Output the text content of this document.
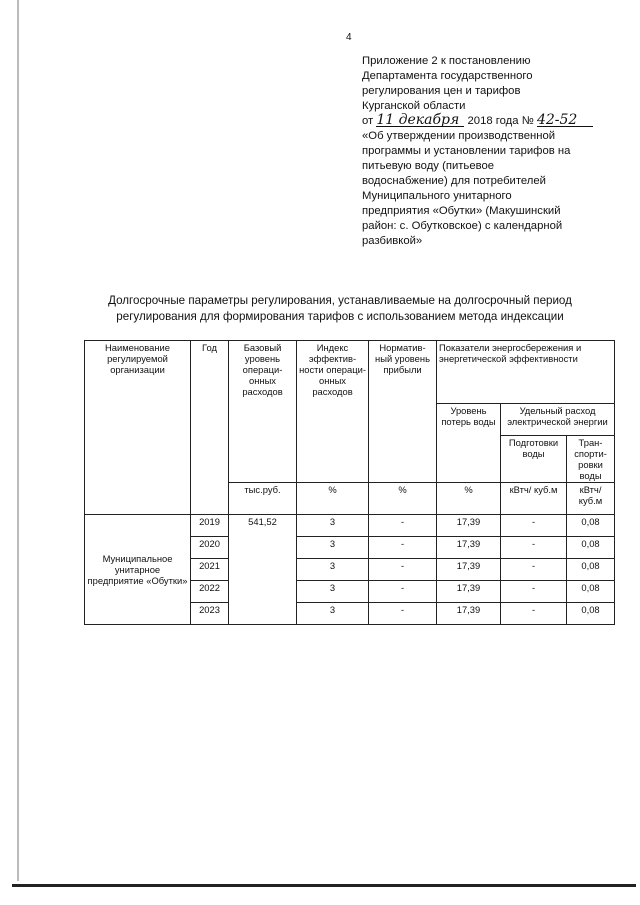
4
Приложение 2 к постановлению
Департамента государственного
регулирования цен и тарифов
Курганской области
от 11 декабря 2018 года № 42-52
«Об утверждении производственной
программы и установлении тарифов на
питьевую воду (питьевое
водоснабжение) для потребителей
Муниципального унитарного
предприятия «Обутки» (Макушинский
район: с. Обутковское) с календарной
разбивкой»
Долгосрочные параметры регулирования, устанавливаемые на долгосрочный период
регулирования для формирования тарифов с использованием метода индексации
Наименование регулируемой организации	Год	Базовый уровень операци-онных расходов	Индекс эффектив-ности операци-онных расходов	Норматив-ный уровень прибыли	Показатели энергосбережения и энергетической эффективности		
					Уровень потерь воды	Удельный расход электрической энергии	
						Подготовки воды	Тран-спорти-ровки воды
		тыс.руб.	%	%	%	кВтч/ куб.м	кВтч/ куб.м
Муниципальное унитарное предприятие «Обутки»	2019	541,52	3	-	17,39	-	0,08
	2020		3	-	17,39	-	0,08
	2021		3	-	17,39	-	0,08
	2022		3	-	17,39	-	0,08
	2023		3	-	17,39	-	0,08
